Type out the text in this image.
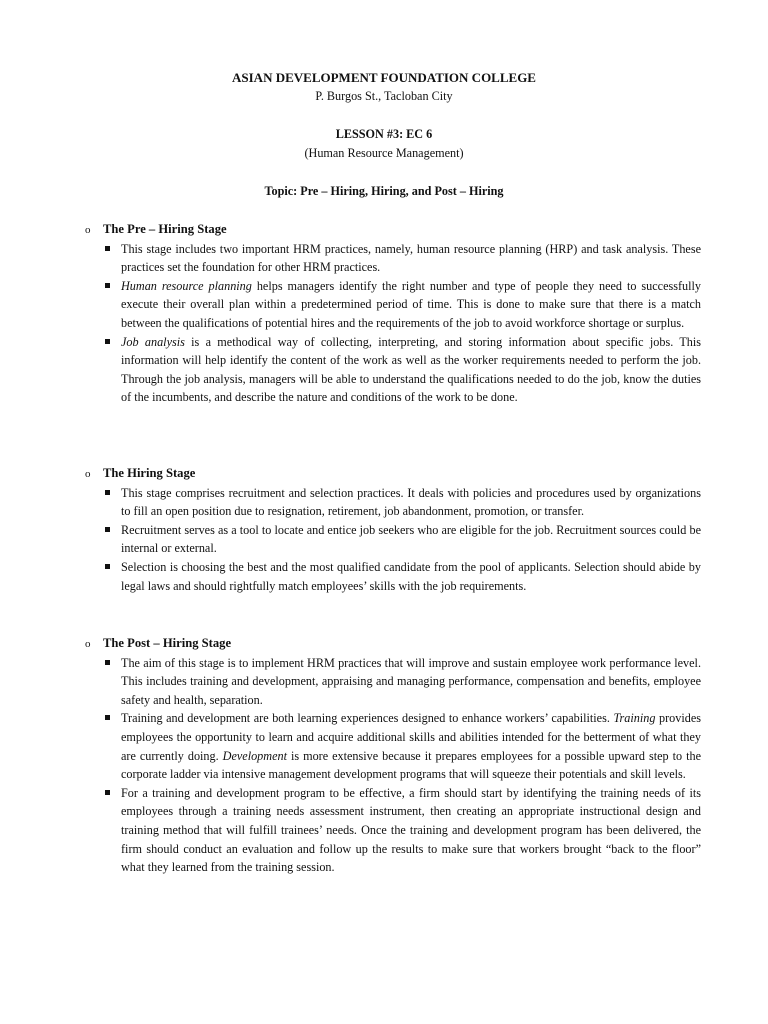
ASIAN DEVELOPMENT FOUNDATION COLLEGE
P. Burgos St., Tacloban City
LESSON #3: EC 6
(Human Resource Management)
Topic: Pre – Hiring, Hiring, and Post – Hiring
o The Pre – Hiring Stage
This stage includes two important HRM practices, namely, human resource planning (HRP) and task analysis. These practices set the foundation for other HRM practices.
Human resource planning helps managers identify the right number and type of people they need to successfully execute their overall plan within a predetermined period of time. This is done to make sure that there is a match between the qualifications of potential hires and the requirements of the job to avoid workforce shortage or surplus.
Job analysis is a methodical way of collecting, interpreting, and storing information about specific jobs. This information will help identify the content of the work as well as the worker requirements needed to perform the job. Through the job analysis, managers will be able to understand the qualifications needed to do the job, know the duties of the incumbents, and describe the nature and conditions of the work to be done.
o The Hiring Stage
This stage comprises recruitment and selection practices. It deals with policies and procedures used by organizations to fill an open position due to resignation, retirement, job abandonment, promotion, or transfer.
Recruitment serves as a tool to locate and entice job seekers who are eligible for the job. Recruitment sources could be internal or external.
Selection is choosing the best and the most qualified candidate from the pool of applicants. Selection should abide by legal laws and should rightfully match employees’ skills with the job requirements.
o The Post – Hiring Stage
The aim of this stage is to implement HRM practices that will improve and sustain employee work performance level. This includes training and development, appraising and managing performance, compensation and benefits, employee safety and health, separation.
Training and development are both learning experiences designed to enhance workers’ capabilities. Training provides employees the opportunity to learn and acquire additional skills and abilities intended for the betterment of what they are currently doing. Development is more extensive because it prepares employees for a possible upward step to the corporate ladder via intensive management development programs that will squeeze their potentials and skill levels.
For a training and development program to be effective, a firm should start by identifying the training needs of its employees through a training needs assessment instrument, then creating an appropriate instructional design and training method that will fulfill trainees’ needs. Once the training and development program has been delivered, the firm should conduct an evaluation and follow up the results to make sure that workers brought “back to the floor” what they learned from the training session.
